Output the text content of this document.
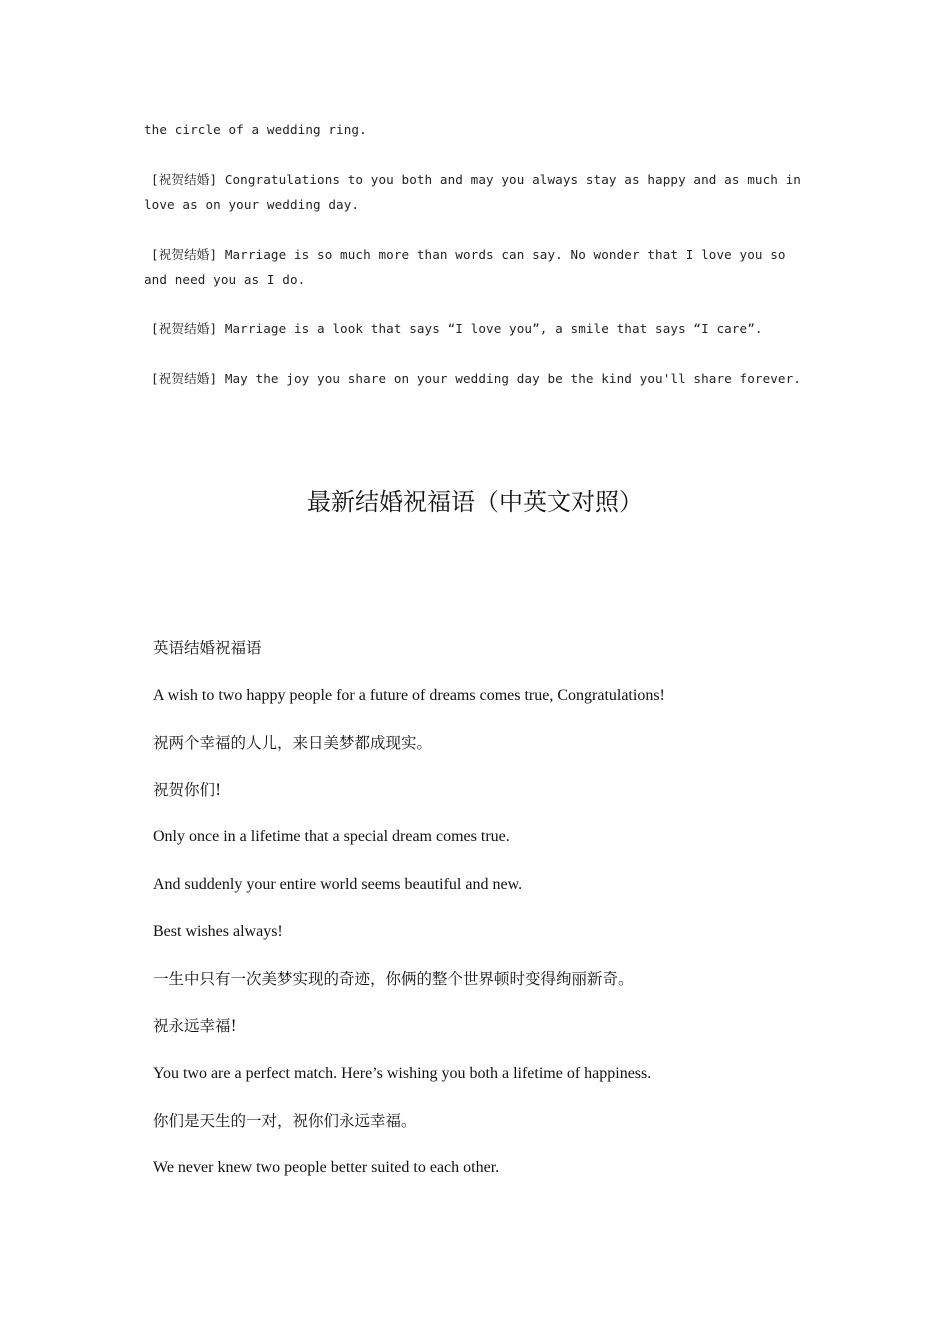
the circle of a wedding ring.
[祝贺结婚] Congratulations to you both and may you always stay as happy and as much in love as on your wedding day.
[祝贺结婚] Marriage is so much more than words can say. No wonder that I love you so and need you as I do.
[祝贺结婚] Marriage is a look that says “I love you”, a smile that says “I care”.
[祝贺结婚] May the joy you share on your wedding day be the kind you'll share forever.
最新结婚祝福语（中英文对照）
英语结婚祝福语
A wish to two happy people for a future of dreams comes true, Congratulations!
祝两个幸福的人儿，来日美梦都成现实。
祝贺你们!
Only once in a lifetime that a special dream comes true.
And suddenly your entire world seems beautiful and new.
Best wishes always!
一生中只有一次美梦实现的奇迹，你俩的整个世界顿时变得绚丽新奇。
祝永远幸福!
You two are a perfect match. Here’s wishing you both a lifetime of happiness.
你们是天生的一对，祝你们永远幸福。
We never knew two people better suited to each other.
